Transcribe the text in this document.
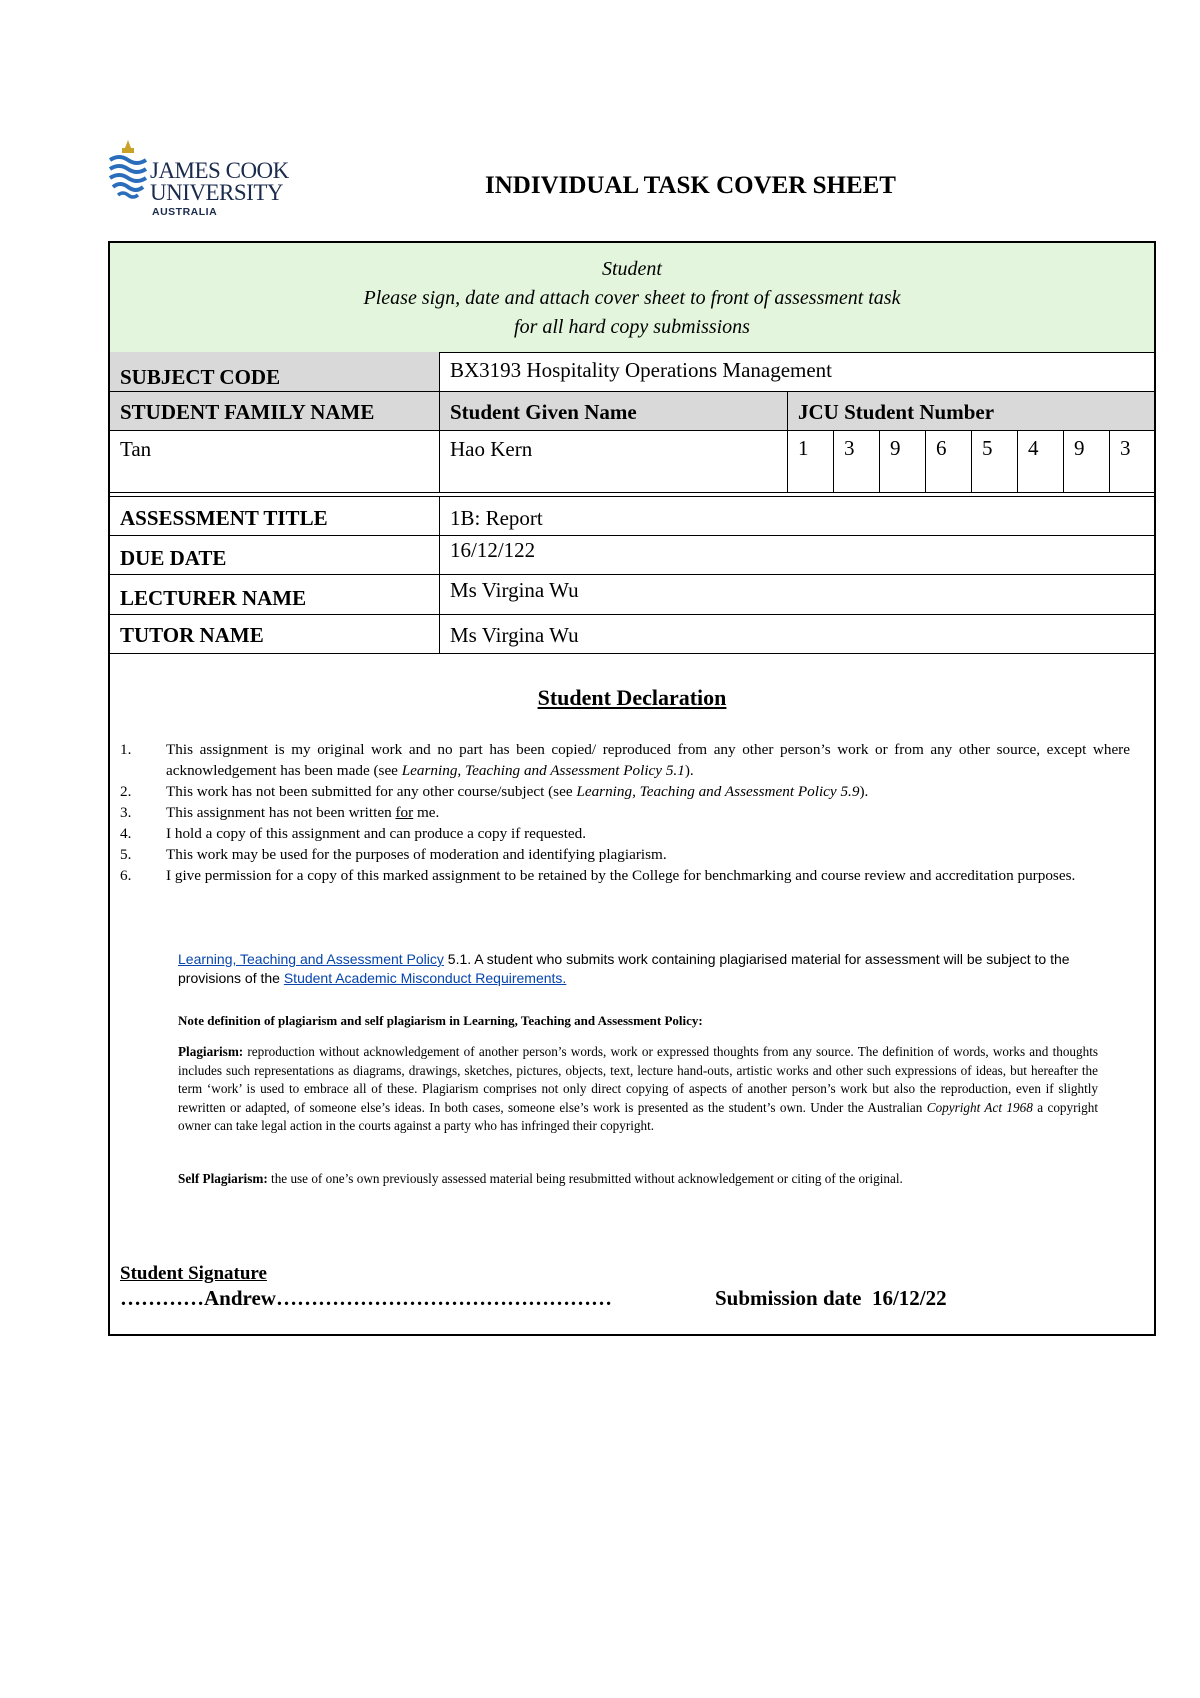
JAMES COOK
UNIVERSITY
AUSTRALIA
INDIVIDUAL TASK COVER SHEET
Student
Please sign, date and attach cover sheet to front of assessment task
for all hard copy submissions
SUBJECT CODE	BX3193 Hospitality Operations Management
STUDENT FAMILY NAME	Student Given Name	JCU Student Number
Tan	Hao Kern	1	3	9	6	5	4	9	3
ASSESSMENT TITLE	1B: Report
DUE DATE	16/12/122
LECTURER NAME	Ms Virgina Wu
TUTOR NAME	Ms Virgina Wu
Student Declaration
1. This assignment is my original work and no part has been copied/ reproduced from any other person’s work or from any other source, except where acknowledgement has been made (see Learning, Teaching and Assessment Policy 5.1).
2. This work has not been submitted for any other course/subject (see Learning, Teaching and Assessment Policy 5.9).
3. This assignment has not been written for me.
4. I hold a copy of this assignment and can produce a copy if requested.
5. This work may be used for the purposes of moderation and identifying plagiarism.
6. I give permission for a copy of this marked assignment to be retained by the College for benchmarking and course review and accreditation purposes.
Learning, Teaching and Assessment Policy 5.1. A student who submits work containing plagiarised material for assessment will be subject to the provisions of the Student Academic Misconduct Requirements.
Note definition of plagiarism and self plagiarism in Learning, Teaching and Assessment Policy:
Plagiarism: reproduction without acknowledgement of another person’s words, work or expressed thoughts from any source. The definition of words, works and thoughts includes such representations as diagrams, drawings, sketches, pictures, objects, text, lecture hand-outs, artistic works and other such expressions of ideas, but hereafter the term ‘work’ is used to embrace all of these. Plagiarism comprises not only direct copying of aspects of another person’s work but also the reproduction, even if slightly rewritten or adapted, of someone else’s ideas. In both cases, someone else’s work is presented as the student’s own. Under the Australian Copyright Act 1968 a copyright owner can take legal action in the courts against a party who has infringed their copyright.
Self Plagiarism: the use of one’s own previously assessed material being resubmitted without acknowledgement or citing of the original.
Student Signature
…………Andrew…………………………………………	Submission date 16/12/22
